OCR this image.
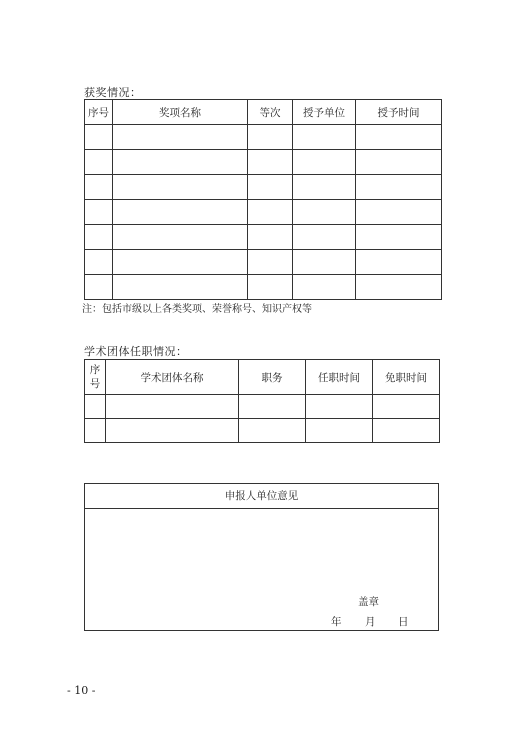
获奖情况：
序号	奖项名称	等次	授予单位	授予时间

注：包括市级以上各类奖项、荣誉称号、知识产权等
学术团体任职情况：
序号	学术团体名称	职务	任职时间	免职时间

申报人单位意见
盖章
年 月 日
- 10 -
